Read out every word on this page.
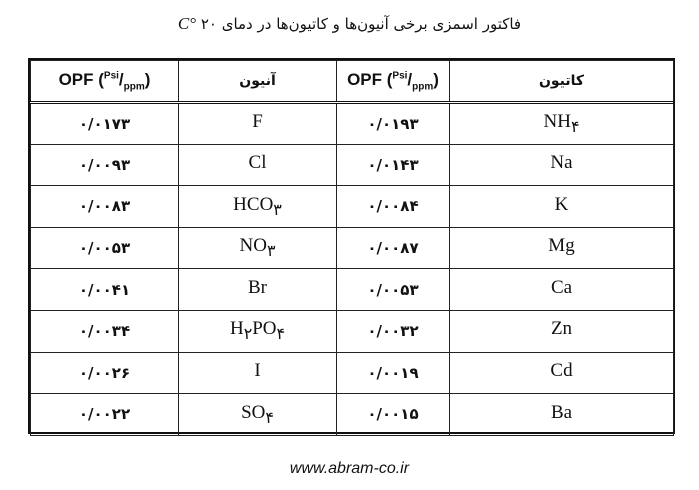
فاکتور اسمزی برخی آنیون‌ها و کاتیون‌ها در دمای ۲۰ °C
OPF $(^{Psi}/_{ppm})$	آنیون	OPF $(^{Psi}/_{ppm})$	کاتیون
۰/۰۱۷۳	F	۰/۰۱۹۳	$NH_۴$
۰/۰۰۹۳	Cl	۰/۰۱۴۳	Na
۰/۰۰۸۳	$HCO_۳$	۰/۰۰۸۴	K
۰/۰۰۵۳	$NO_۳$	۰/۰۰۸۷	Mg
۰/۰۰۴۱	Br	۰/۰۰۵۳	Ca
۰/۰۰۳۴	$H_۲PO_۴$	۰/۰۰۳۲	Zn
۰/۰۰۲۶	I	۰/۰۰۱۹	Cd
۰/۰۰۲۲	$SO_۴$	۰/۰۰۱۵	Ba
www.abram-co.ir
